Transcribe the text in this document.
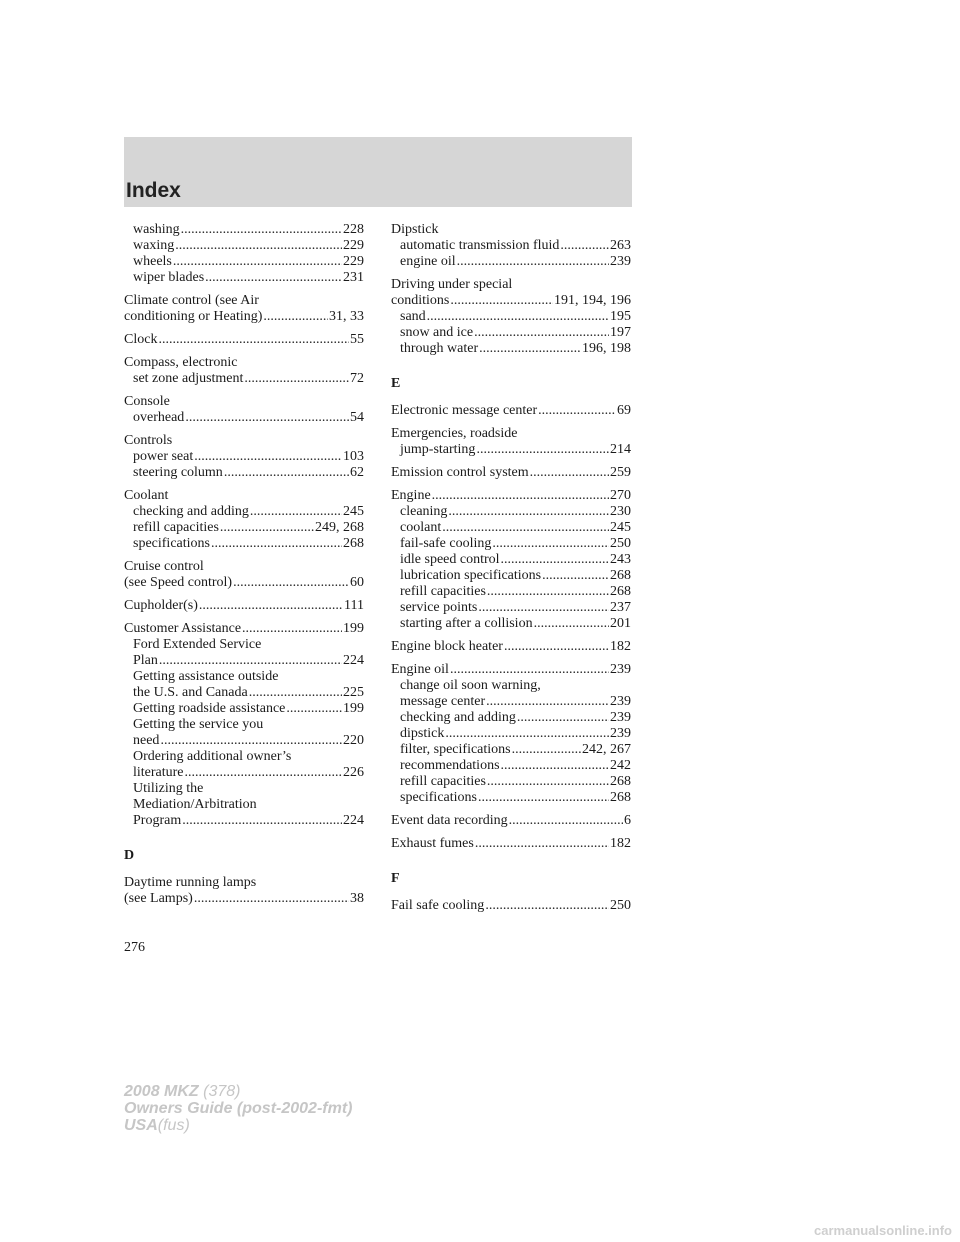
Index
washing .....	228
waxing .....	229
wheels .....	229
wiper blades .....	231
Climate control (see Air
conditioning or Heating) .....	31, 33
Clock .....	55
Compass, electronic
set zone adjustment .....	72
Console
overhead .....	54
Controls
power seat .....	103
steering column .....	62
Coolant
checking and adding .....	245
refill capacities .....	249, 268
specifications .....	268
Cruise control
(see Speed control) .....	60
Cupholder(s) .....	111
Customer Assistance .....	199
Ford Extended Service
Plan .....	224
Getting assistance outside
the U.S. and Canada .....	225
Getting roadside assistance .....	199
Getting the service you
need .....	220
Ordering additional owner’s
literature .....	226
Utilizing the
Mediation/Arbitration
Program .....	224
D
Daytime running lamps
(see Lamps) .....	38
Dipstick
automatic transmission fluid .....	263
engine oil .....	239
Driving under special
conditions .....	191, 194, 196
sand .....	195
snow and ice .....	197
through water .....	196, 198
E
Electronic message center .....	69
Emergencies, roadside
jump-starting .....	214
Emission control system .....	259
Engine .....	270
cleaning .....	230
coolant .....	245
fail-safe cooling .....	250
idle speed control .....	243
lubrication specifications .....	268
refill capacities .....	268
service points .....	237
starting after a collision .....	201
Engine block heater .....	182
Engine oil .....	239
change oil soon warning,
message center .....	239
checking and adding .....	239
dipstick .....	239
filter, specifications .....	242, 267
recommendations .....	242
refill capacities .....	268
specifications .....	268
Event data recording .....	6
Exhaust fumes .....	182
F
Fail safe cooling .....	250
276
2008 MKZ (378)
Owners Guide (post-2002-fmt)
USA(fus)
carmanualsonline.info
